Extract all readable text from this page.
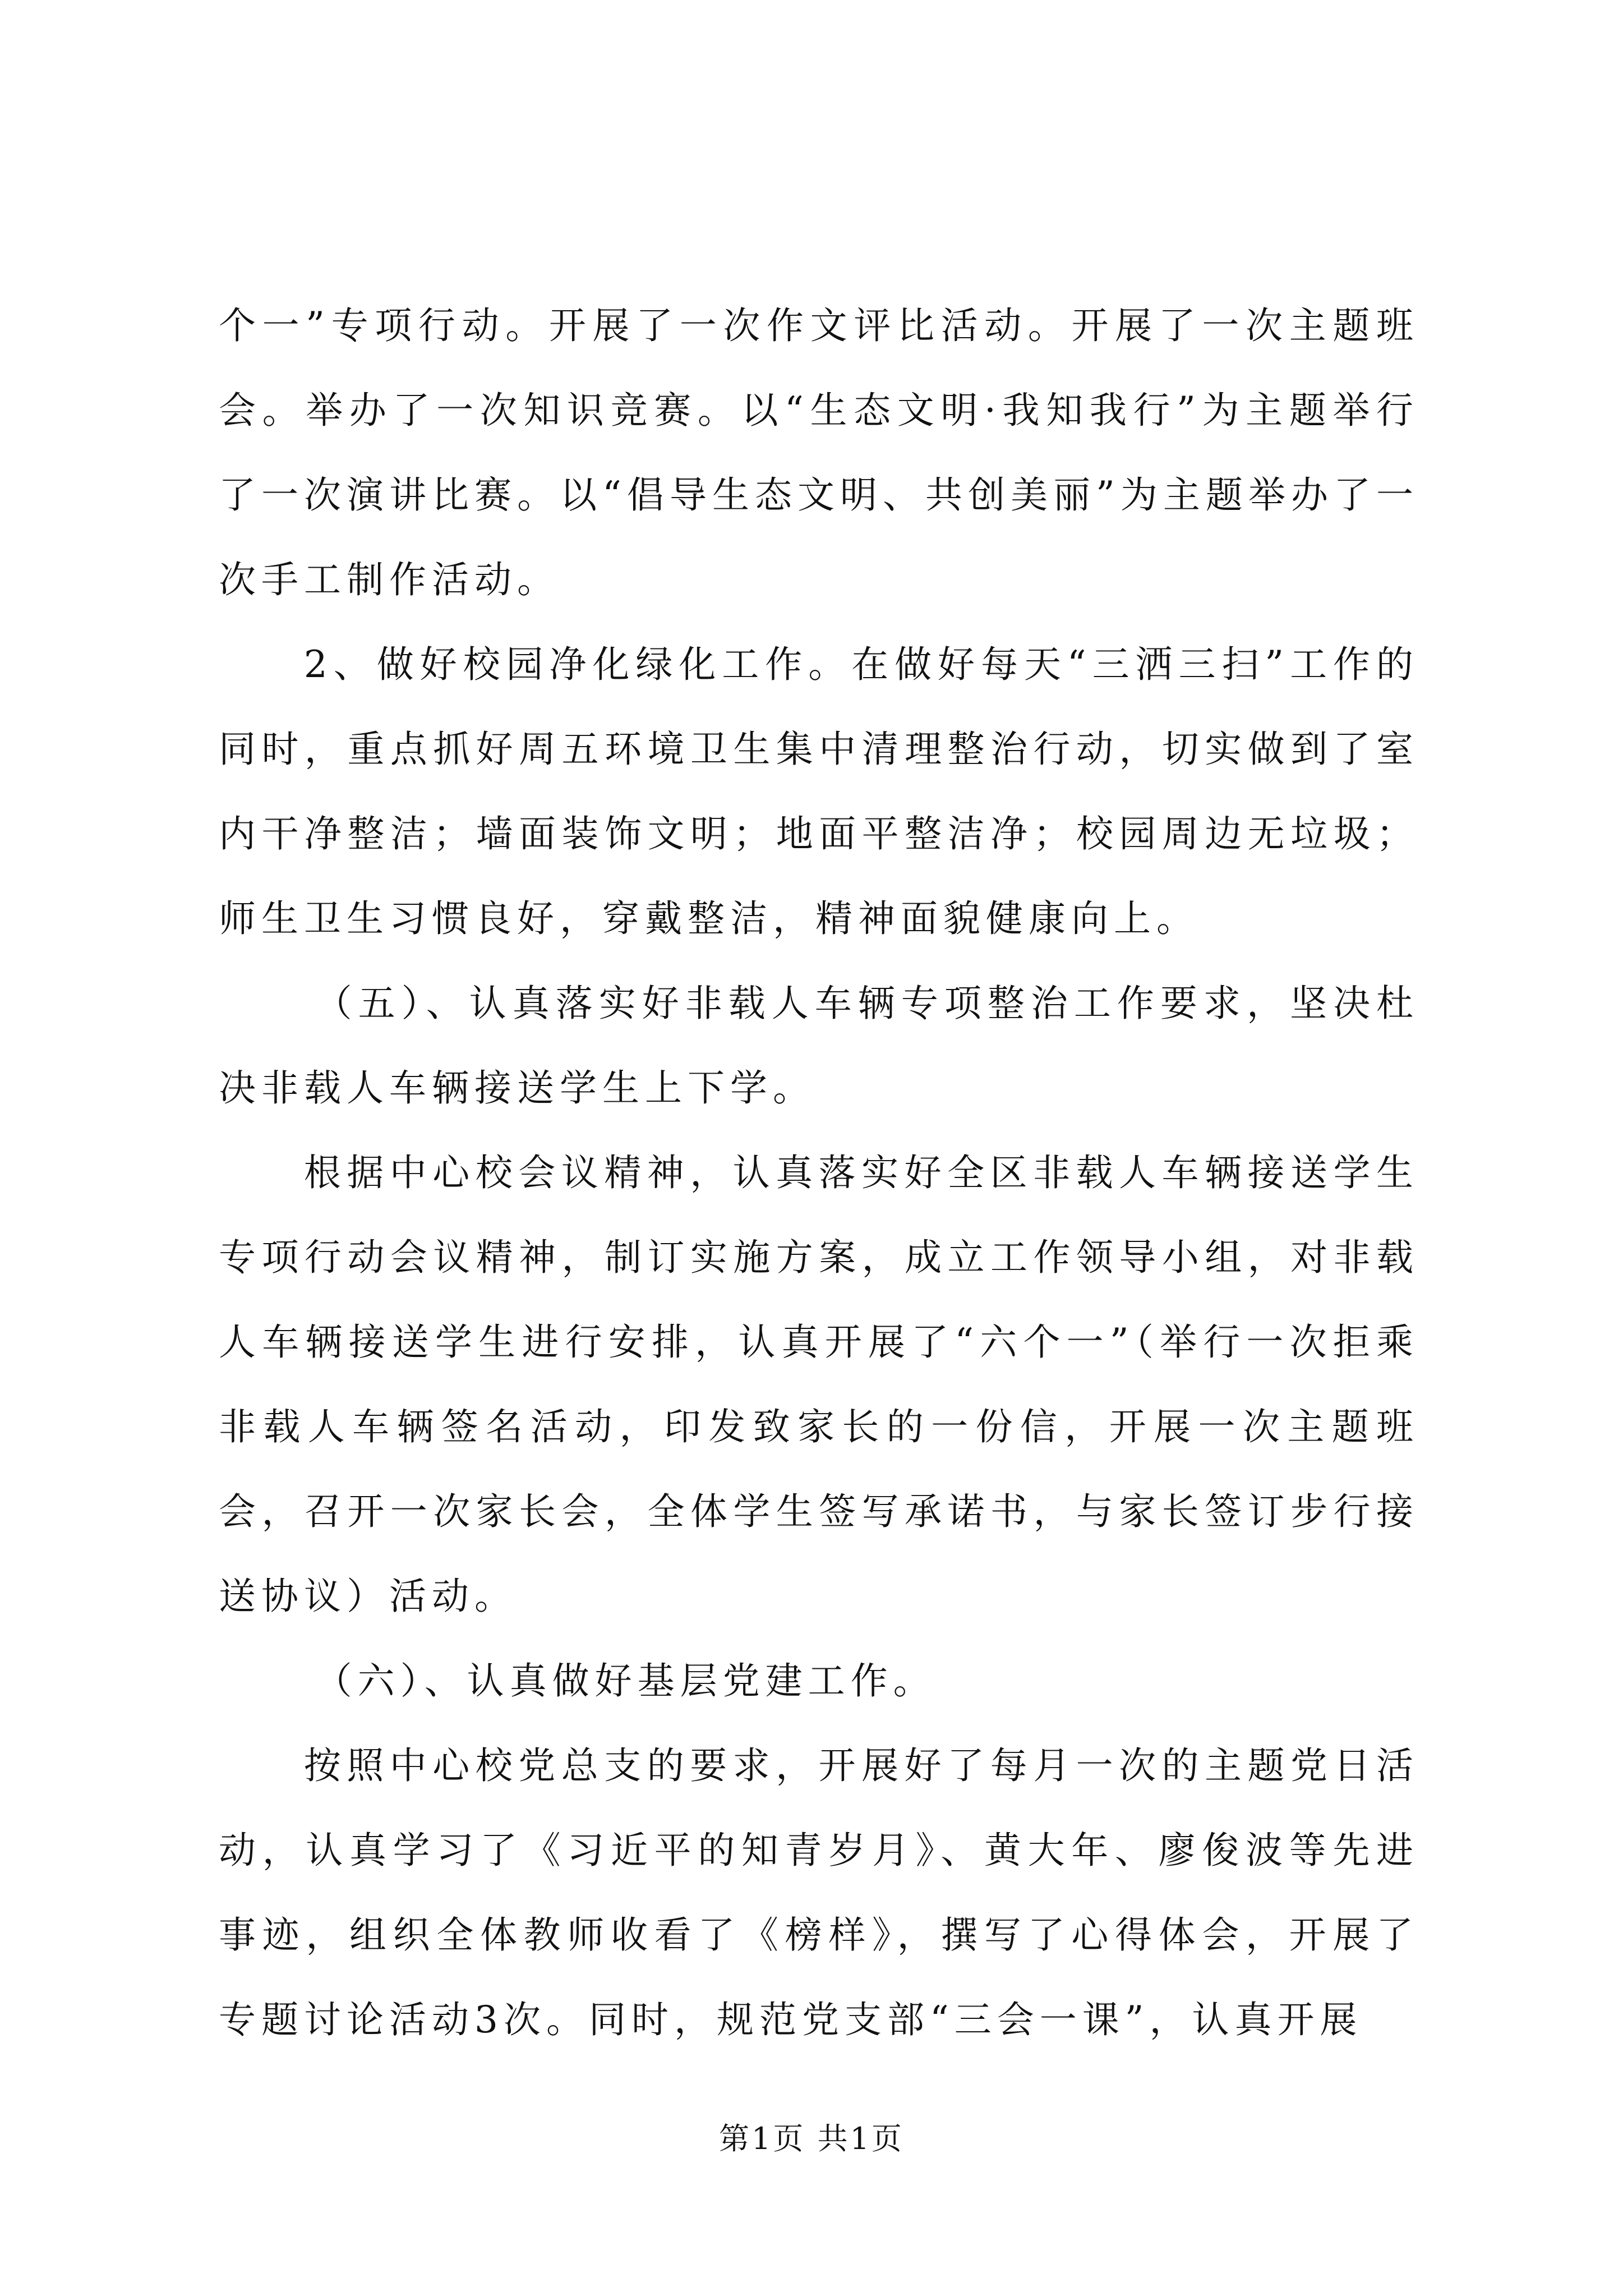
个一”专项行动。开展了一次作文评比活动。开展了一次主题班会。举办了一次知识竞赛。以“生态文明·我知我行”为主题举行了一次演讲比赛。以“倡导生态文明、共创美丽”为主题举办了一次手工制作活动。

2、做好校园净化绿化工作。在做好每天“三洒三扫”工作的同时，重点抓好周五环境卫生集中清理整治行动，切实做到了室内干净整洁；墙面装饰文明；地面平整洁净；校园周边无垃圾；师生卫生习惯良好，穿戴整洁，精神面貌健康向上。

（五）、认真落实好非载人车辆专项整治工作要求，坚决杜决非载人车辆接送学生上下学。

根据中心校会议精神，认真落实好全区非载人车辆接送学生专项行动会议精神，制订实施方案，成立工作领导小组，对非载人车辆接送学生进行安排，认真开展了“六个一”（举行一次拒乘非载人车辆签名活动，印发致家长的一份信，开展一次主题班会，召开一次家长会，全体学生签写承诺书，与家长签订步行接送协议）活动。

（六）、认真做好基层党建工作。

按照中心校党总支的要求，开展好了每月一次的主题党日活动，认真学习了《习近平的知青岁月》、黄大年、廖俊波等先进事迹，组织全体教师收看了《榜样》，撰写了心得体会，开展了专题讨论活动3次。同时，规范党支部“三会一课”，认真开展

第1页 共1页
